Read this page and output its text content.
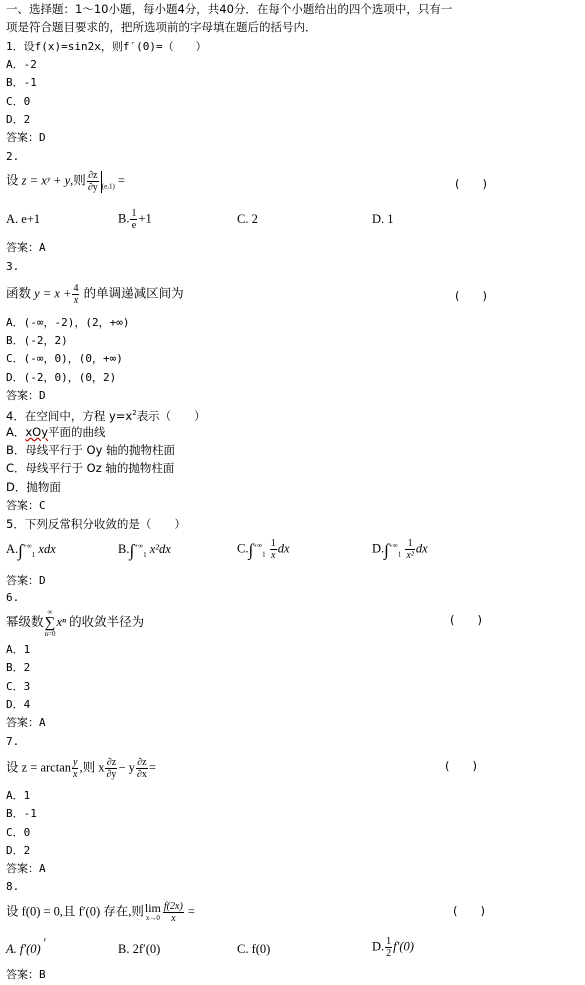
一、选择题：1～10小题，每小题4分，共40分．在每个小题给出的四个选项中，只有一
项是符合题目要求的，把所选项前的字母填在题后的括号内．
1．设f(x)=sin2x，则f′(0)=（　　）
A．-2
B．-1
C．0
D．2
答案：D
2.
设 z = xʸ + y,则 $\frac{\partial z}{\partial y} _{(e,1)}$ =	(　　)
A. e+1	B. $\frac{1}{e} +1$	C. 2	D. 1
答案：A
3.
函数 $y = x + \frac{4}{x}$ 的单调递减区间为	(　　)
A．(-∞，-2)，(2，+∞)
B．(-2，2)
C．(-∞，0)，(0，+∞)
D．(-2，0)，(0，2)
答案：D
4．在空间中，方程 $y=x^2$表示（　　）
A．xOy平面的曲线
B．母线平行于 Oy 轴的抛物柱面
C．母线平行于 Oz 轴的抛物柱面
D．抛物面
答案：C
5．下列反常积分收敛的是（　　）
$A.\int^{+\infty}_1$ xdx	$B.\int^{+\infty}_1$ x²dx	$C.\int^{+\infty}_1 \frac{1}{x}$ dx	$D.\int^{+\infty}_1 \frac{1}{\text{x²}}$ dx
答案：D
6.
幂级数
∞
∑
n=0
xⁿ 的收敛半径为	(　　)
A．1
B．2
C．3
D．4
答案：A
7.
设 $z = \arctan \frac{y}{x}$ ,则 x $\frac{\partial z}{\partial y} - y \frac{\partial z}{\partial x}$ =	(　　)
A．1
B．-1
C．0
D．2
答案：A
8.
设 f(0) = 0,且 f′(0) 存在,则 lim
$x\to 0 \frac{f(2x)}{x}$ =	(　　)
A. f′(0) ′	B. 2f′(0)	C. f(0)	D. $\frac{1}{2} f'(0)$
答案：B
